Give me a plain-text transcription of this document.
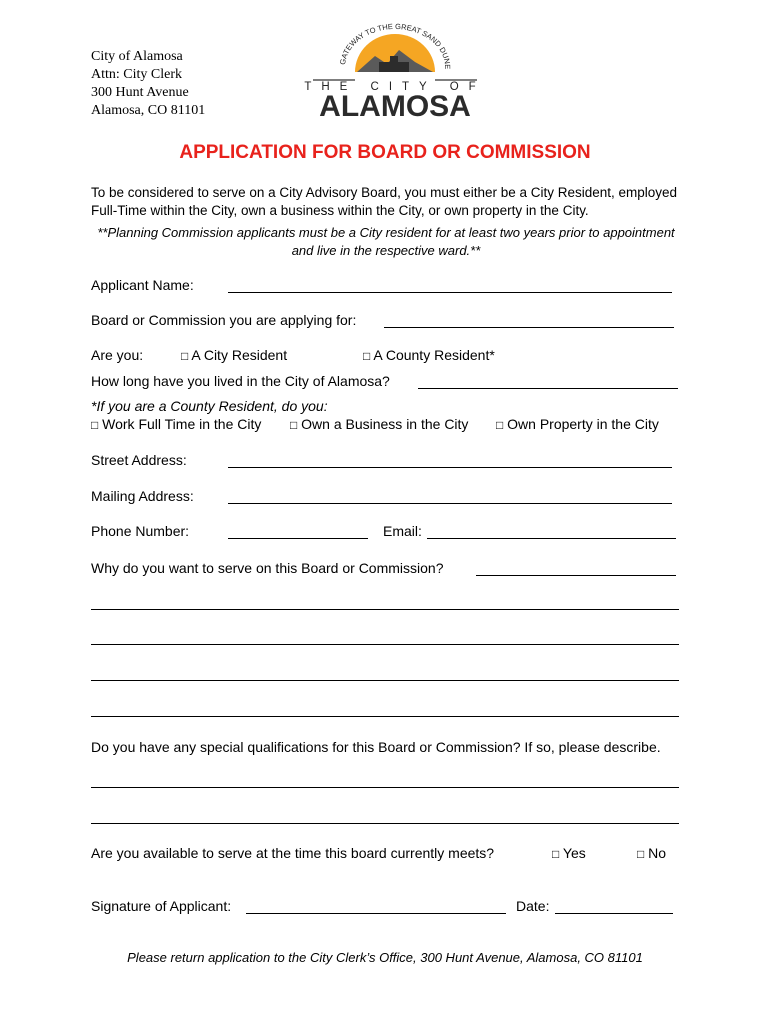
City of Alamosa
Attn: City Clerk
300 Hunt Avenue
Alamosa, CO 81101
GATEWAY TO THE GREAT SAND DUNE
THE CITY OF
ALAMOSA
APPLICATION FOR BOARD OR COMMISSION
To be considered to serve on a City Advisory Board, you must either be a City Resident, employed Full-Time within the City, own a business within the City, or own property in the City.
**Planning Commission applicants must be a City resident for at least two years prior to appointment and live in the respective ward.**
Applicant Name:
Board or Commission you are applying for:
Are you:	□ A City Resident	□ A County Resident*
How long have you lived in the City of Alamosa?
*If you are a County Resident, do you:
□ Work Full Time in the City □ Own a Business in the City □ Own Property in the City
Street Address:
Mailing Address:
Phone Number:	Email:
Why do you want to serve on this Board or Commission?
Do you have any special qualifications for this Board or Commission? If so, please describe.
Are you available to serve at the time this board currently meets?	□ Yes	□ No
Signature of Applicant:	Date:
Please return application to the City Clerk’s Office, 300 Hunt Avenue, Alamosa, CO 81101
